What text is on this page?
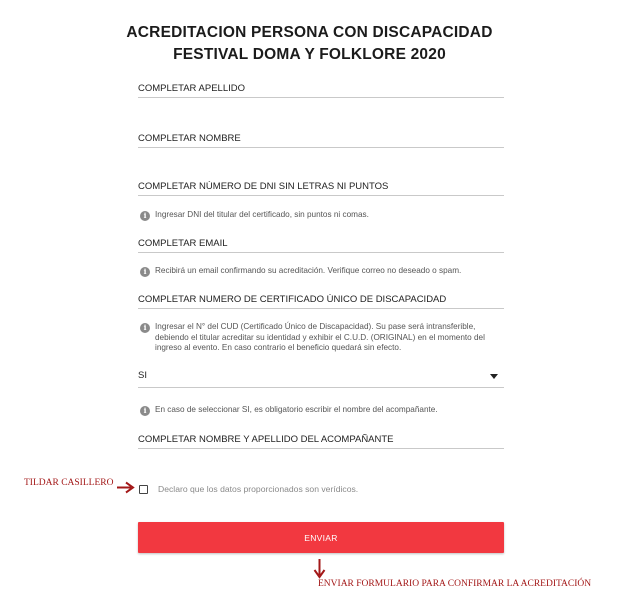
ACREDITACION PERSONA CON DISCAPACIDAD
FESTIVAL DOMA Y FOLKLORE 2020
COMPLETAR APELLIDO
COMPLETAR NOMBRE
COMPLETAR NÚMERO DE DNI SIN LETRAS NI PUNTOS
i	Ingresar DNI del titular del certificado, sin puntos ni comas.
COMPLETAR EMAIL
i	Recibirá un email confirmando su acreditación. Verifique correo no deseado o spam.
COMPLETAR NUMERO DE CERTIFICADO ÚNICO DE DISCAPACIDAD
i	Ingresar el N° del CUD (Certificado Único de Discapacidad). Su pase será intransferible, debiendo el titular acreditar su identidad y exhibir el C.U.D. (ORIGINAL) en el momento del ingreso al evento. En caso contrario el beneficio quedará sin efecto.
SI
i	En caso de seleccionar SI, es obligatorio escribir el nombre del acompañante.
COMPLETAR NOMBRE Y APELLIDO DEL ACOMPAÑANTE
Declaro que los datos proporcionados son verídicos.
ENVIAR
TILDAR CASILLERO
ENVIAR FORMULARIO PARA CONFIRMAR LA ACREDITACIÓN
